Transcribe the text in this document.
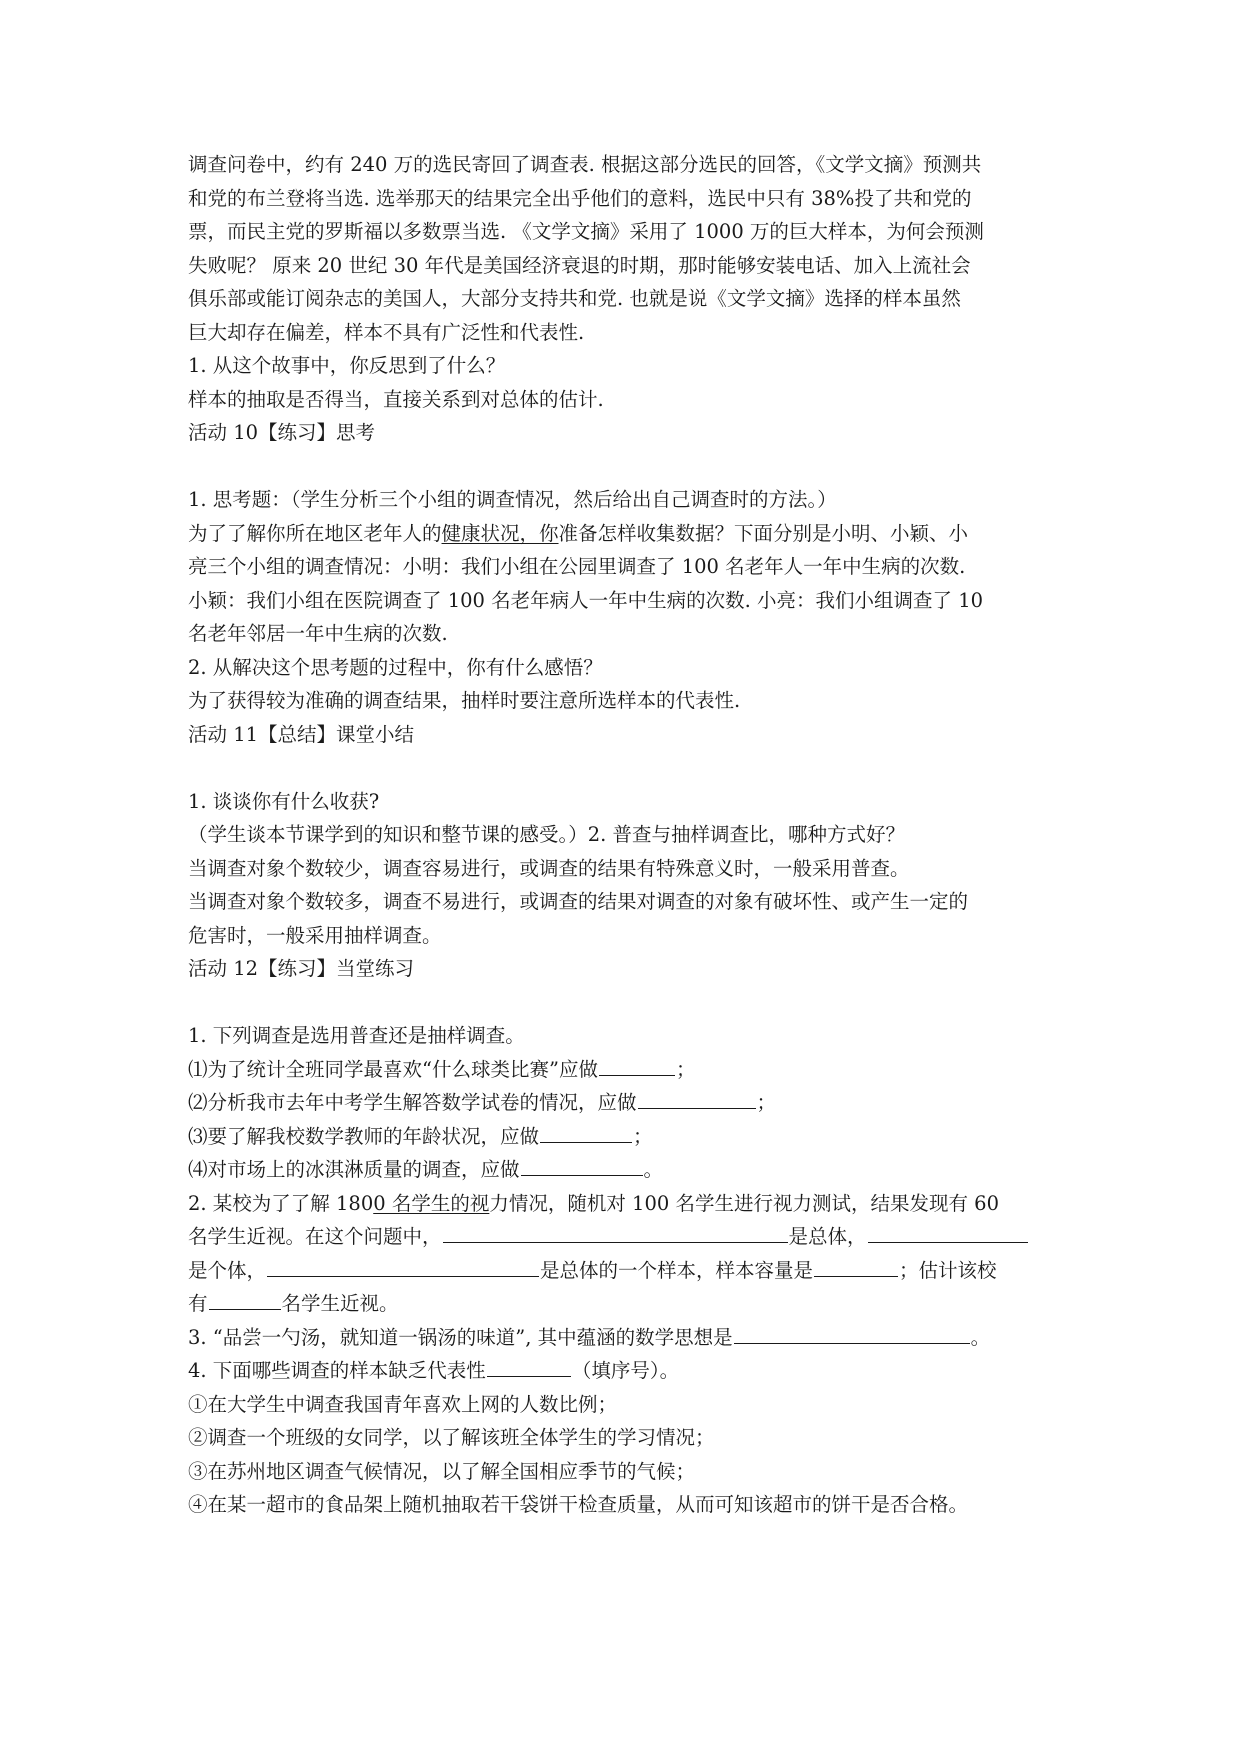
调查问卷中，约有 240 万的选民寄回了调查表. 根据这部分选民的回答，《文学文摘》预测共
和党的布兰登将当选. 选举那天的结果完全出乎他们的意料，选民中只有 38%投了共和党的
票，而民主党的罗斯福以多数票当选. 《文学文摘》采用了 1000 万的巨大样本，为何会预测
失败呢？ 原来 20 世纪 30 年代是美国经济衰退的时期，那时能够安装电话、加入上流社会
俱乐部或能订阅杂志的美国人，大部分支持共和党. 也就是说《文学文摘》选择的样本虽然
巨大却存在偏差，样本不具有广泛性和代表性.
1. 从这个故事中，你反思到了什么？
样本的抽取是否得当，直接关系到对总体的估计.
活动 10【练习】思考
1. 思考题：（学生分析三个小组的调查情况，然后给出自己调查时的方法。）
为了了解你所在地区老年人的健康状况，你准备怎样收集数据？下面分别是小明、小颖、小
亮三个小组的调查情况：小明：我们小组在公园里调查了 100 名老年人一年中生病的次数.
小颖：我们小组在医院调查了 100 名老年病人一年中生病的次数. 小亮：我们小组调查了 10
名老年邻居一年中生病的次数.
2. 从解决这个思考题的过程中，你有什么感悟？
为了获得较为准确的调查结果，抽样时要注意所选样本的代表性.
活动 11【总结】课堂小结
1. 谈谈你有什么收获?
（学生谈本节课学到的知识和整节课的感受。）2. 普查与抽样调查比，哪种方式好？
当调查对象个数较少，调查容易进行，或调查的结果有特殊意义时，一般采用普查。
当调查对象个数较多，调查不易进行，或调查的结果对调查的对象有破坏性、或产生一定的
危害时，一般采用抽样调查。
活动 12【练习】当堂练习
1. 下列调查是选用普查还是抽样调查。
⑴为了统计全班同学最喜欢“什么球类比赛”应做	；
⑵分析我市去年中考学生解答数学试卷的情况，应做	；
⑶要了解我校数学教师的年龄状况，应做	；
⑷对市场上的冰淇淋质量的调查，应做	。
2. 某校为了了解 1800 名学生的视力情况，随机对 100 名学生进行视力测试，结果发现有 60
名学生近视。在这个问题中，	是总体，
是个体，	是总体的一个样本，样本容量是	；估计该校
有	名学生近视。
3. “品尝一勺汤，就知道一锅汤的味道”, 其中蕴涵的数学思想是	。
4. 下面哪些调查的样本缺乏代表性	（填序号）。
①在大学生中调查我国青年喜欢上网的人数比例；
②调查一个班级的女同学，以了解该班全体学生的学习情况；
③在苏州地区调查气候情况，以了解全国相应季节的气候；
④在某一超市的食品架上随机抽取若干袋饼干检查质量，从而可知该超市的饼干是否合格。
